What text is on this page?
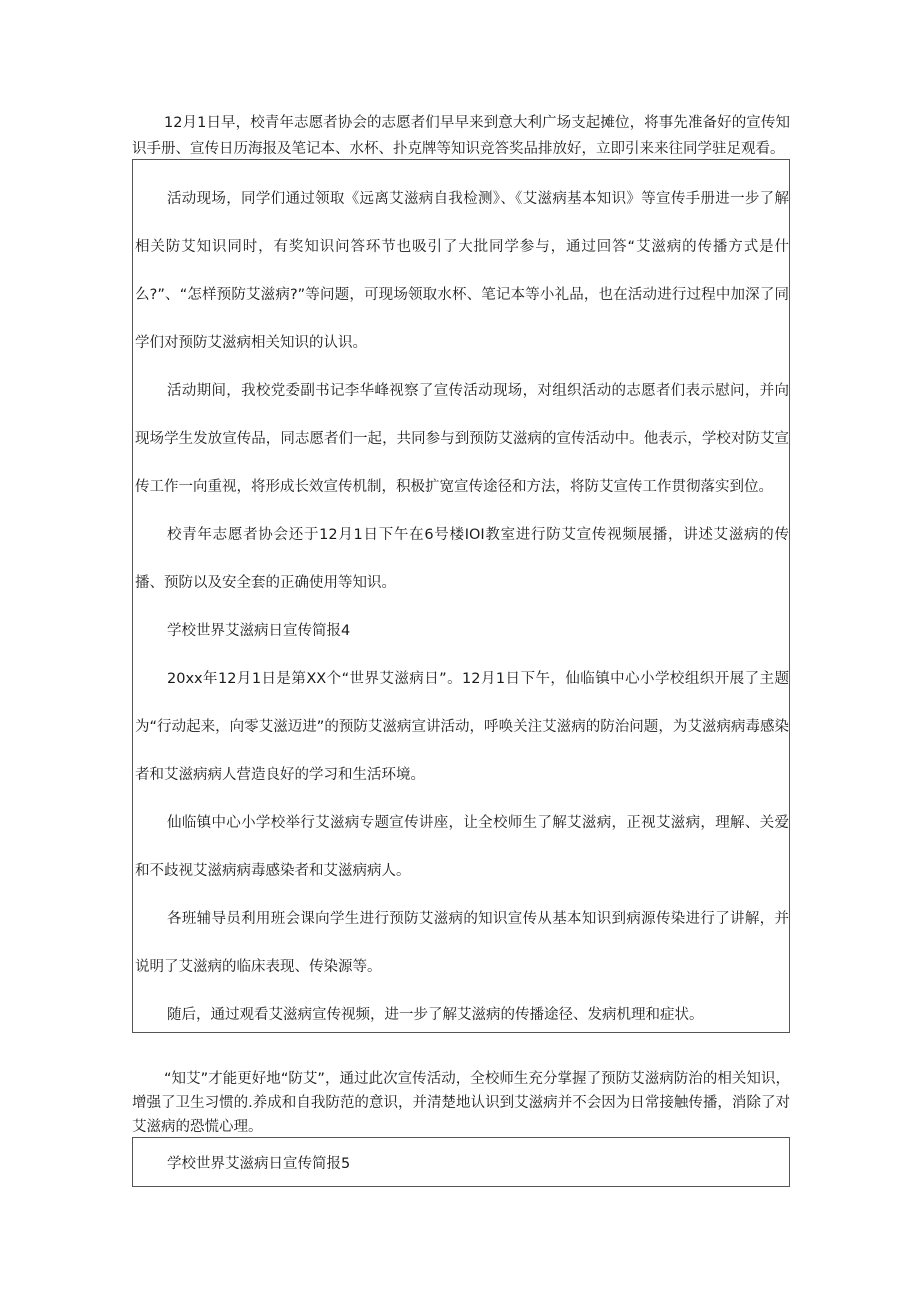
12月1日早，校青年志愿者协会的志愿者们早早来到意大利广场支起摊位，将事先准备好的宣传知识手册、宣传日历海报及笔记本、水杯、扑克牌等知识竞答奖品排放好，立即引来来往同学驻足观看。

活动现场，同学们通过领取《远离艾滋病自我检测》、《艾滋病基本知识》等宣传手册进一步了解相关防艾知识同时，有奖知识问答环节也吸引了大批同学参与，通过回答“艾滋病的传播方式是什么?”、“怎样预防艾滋病?”等问题，可现场领取水杯、笔记本等小礼品，也在活动进行过程中加深了同学们对预防艾滋病相关知识的认识。

活动期间，我校党委副书记李华峰视察了宣传活动现场，对组织活动的志愿者们表示慰问，并向现场学生发放宣传品，同志愿者们一起，共同参与到预防艾滋病的宣传活动中。他表示，学校对防艾宣传工作一向重视，将形成长效宣传机制，积极扩宽宣传途径和方法，将防艾宣传工作贯彻落实到位。

校青年志愿者协会还于12月1日下午在6号楼IOI教室进行防艾宣传视频展播，讲述艾滋病的传播、预防以及安全套的正确使用等知识。

学校世界艾滋病日宣传简报4

20xx年12月1日是第XX个“世界艾滋病日”。12月1日下午，仙临镇中心小学校组织开展了主题为“行动起来，向零艾滋迈进”的预防艾滋病宣讲活动，呼唤关注艾滋病的防治问题，为艾滋病病毒感染者和艾滋病病人营造良好的学习和生活环境。

仙临镇中心小学校举行艾滋病专题宣传讲座，让全校师生了解艾滋病，正视艾滋病，理解、关爱和不歧视艾滋病病毒感染者和艾滋病病人。

各班辅导员利用班会课向学生进行预防艾滋病的知识宣传从基本知识到病源传染进行了讲解，并说明了艾滋病的临床表现、传染源等。

随后，通过观看艾滋病宣传视频，进一步了解艾滋病的传播途径、发病机理和症状。

“知艾”才能更好地“防艾”，通过此次宣传活动，全校师生充分掌握了预防艾滋病防治的相关知识，增强了卫生习惯的.养成和自我防范的意识，并清楚地认识到艾滋病并不会因为日常接触传播，消除了对艾滋病的恐慌心理。

学校世界艾滋病日宣传简报5
